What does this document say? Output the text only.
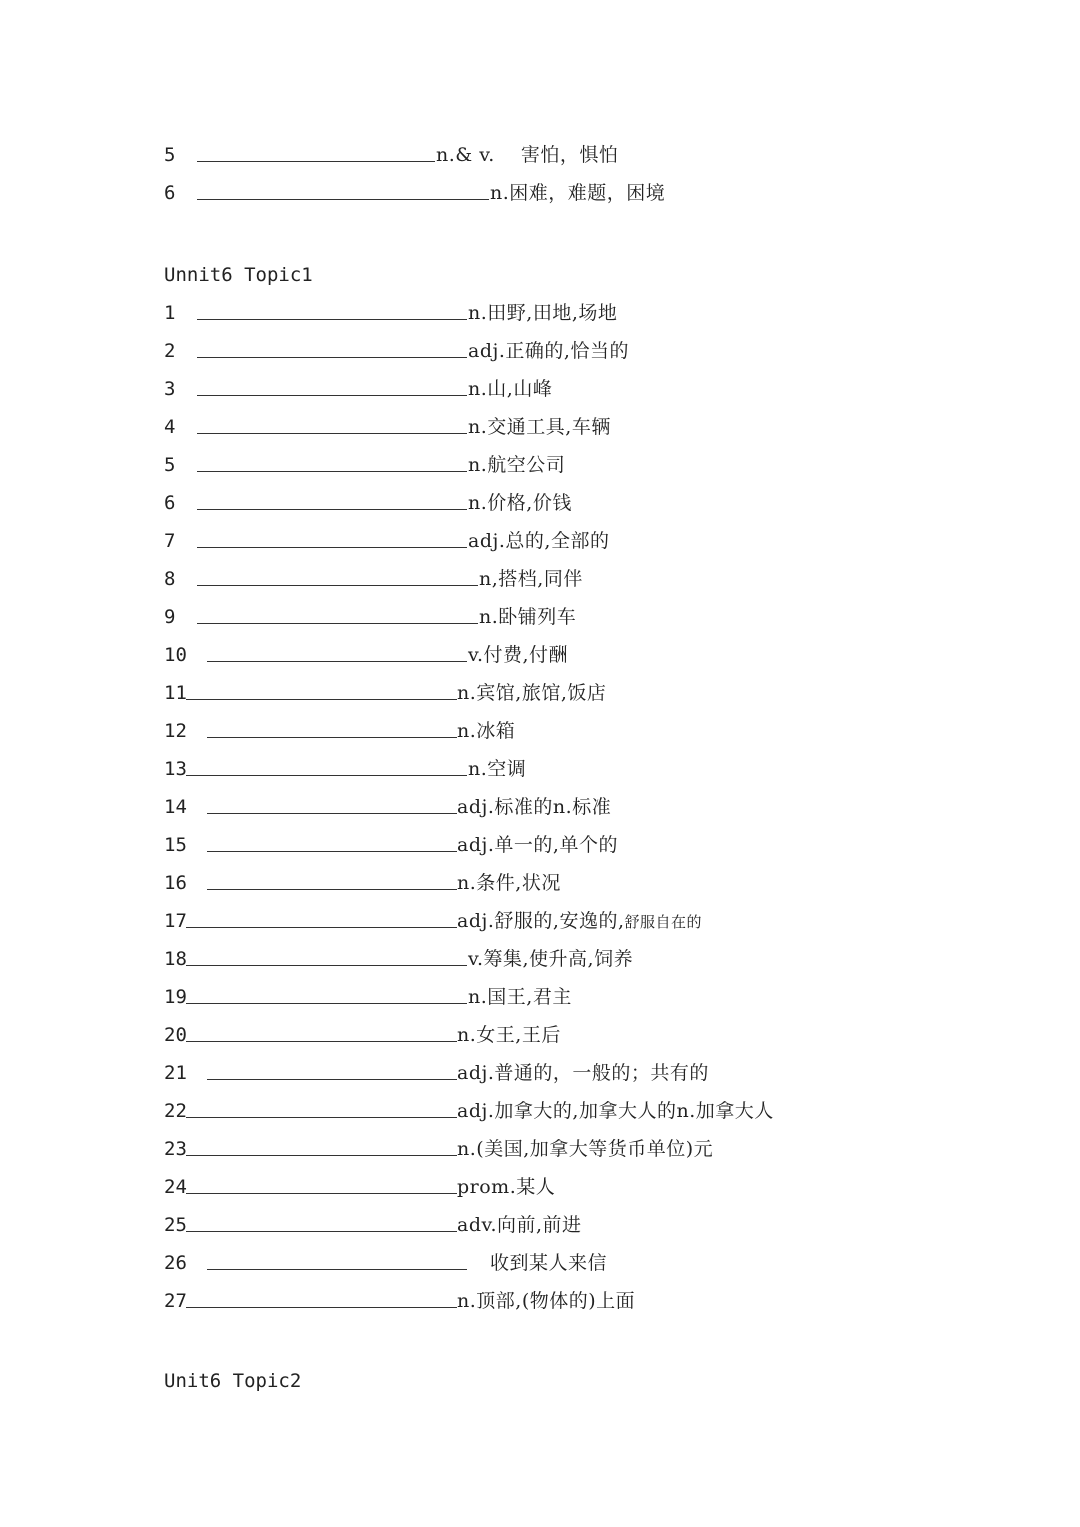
5	n.& v.    害怕，惧怕
6	n.困难，难题，困境
Unnit6 Topic1
1	n.田野,田地,场地
2	adj.正确的,恰当的
3	n.山,山峰
4	n.交通工具,车辆
5	n.航空公司
6	n.价格,价钱
7	adj.总的,全部的
8	n,搭档,同伴
9	n.卧铺列车
10	v.付费,付酬
11	n.宾馆,旅馆,饭店
12	n.冰箱
13	n.空调
14	adj.标准的n.标准
15	adj.单一的,单个的
16	n.条件,状况
17	adj.舒服的,安逸的,舒服自在的
18	v.筹集,使升高,饲养
19	n.国王,君主
20	n.女王,王后
21	adj.普通的，一般的；共有的
22	adj.加拿大的,加拿大人的n.加拿大人
23	n.(美国,加拿大等货币单位)元
24	prom.某人
25	adv.向前,前进
26	收到某人来信
27	n.顶部,(物体的)上面
Unit6 Topic2
